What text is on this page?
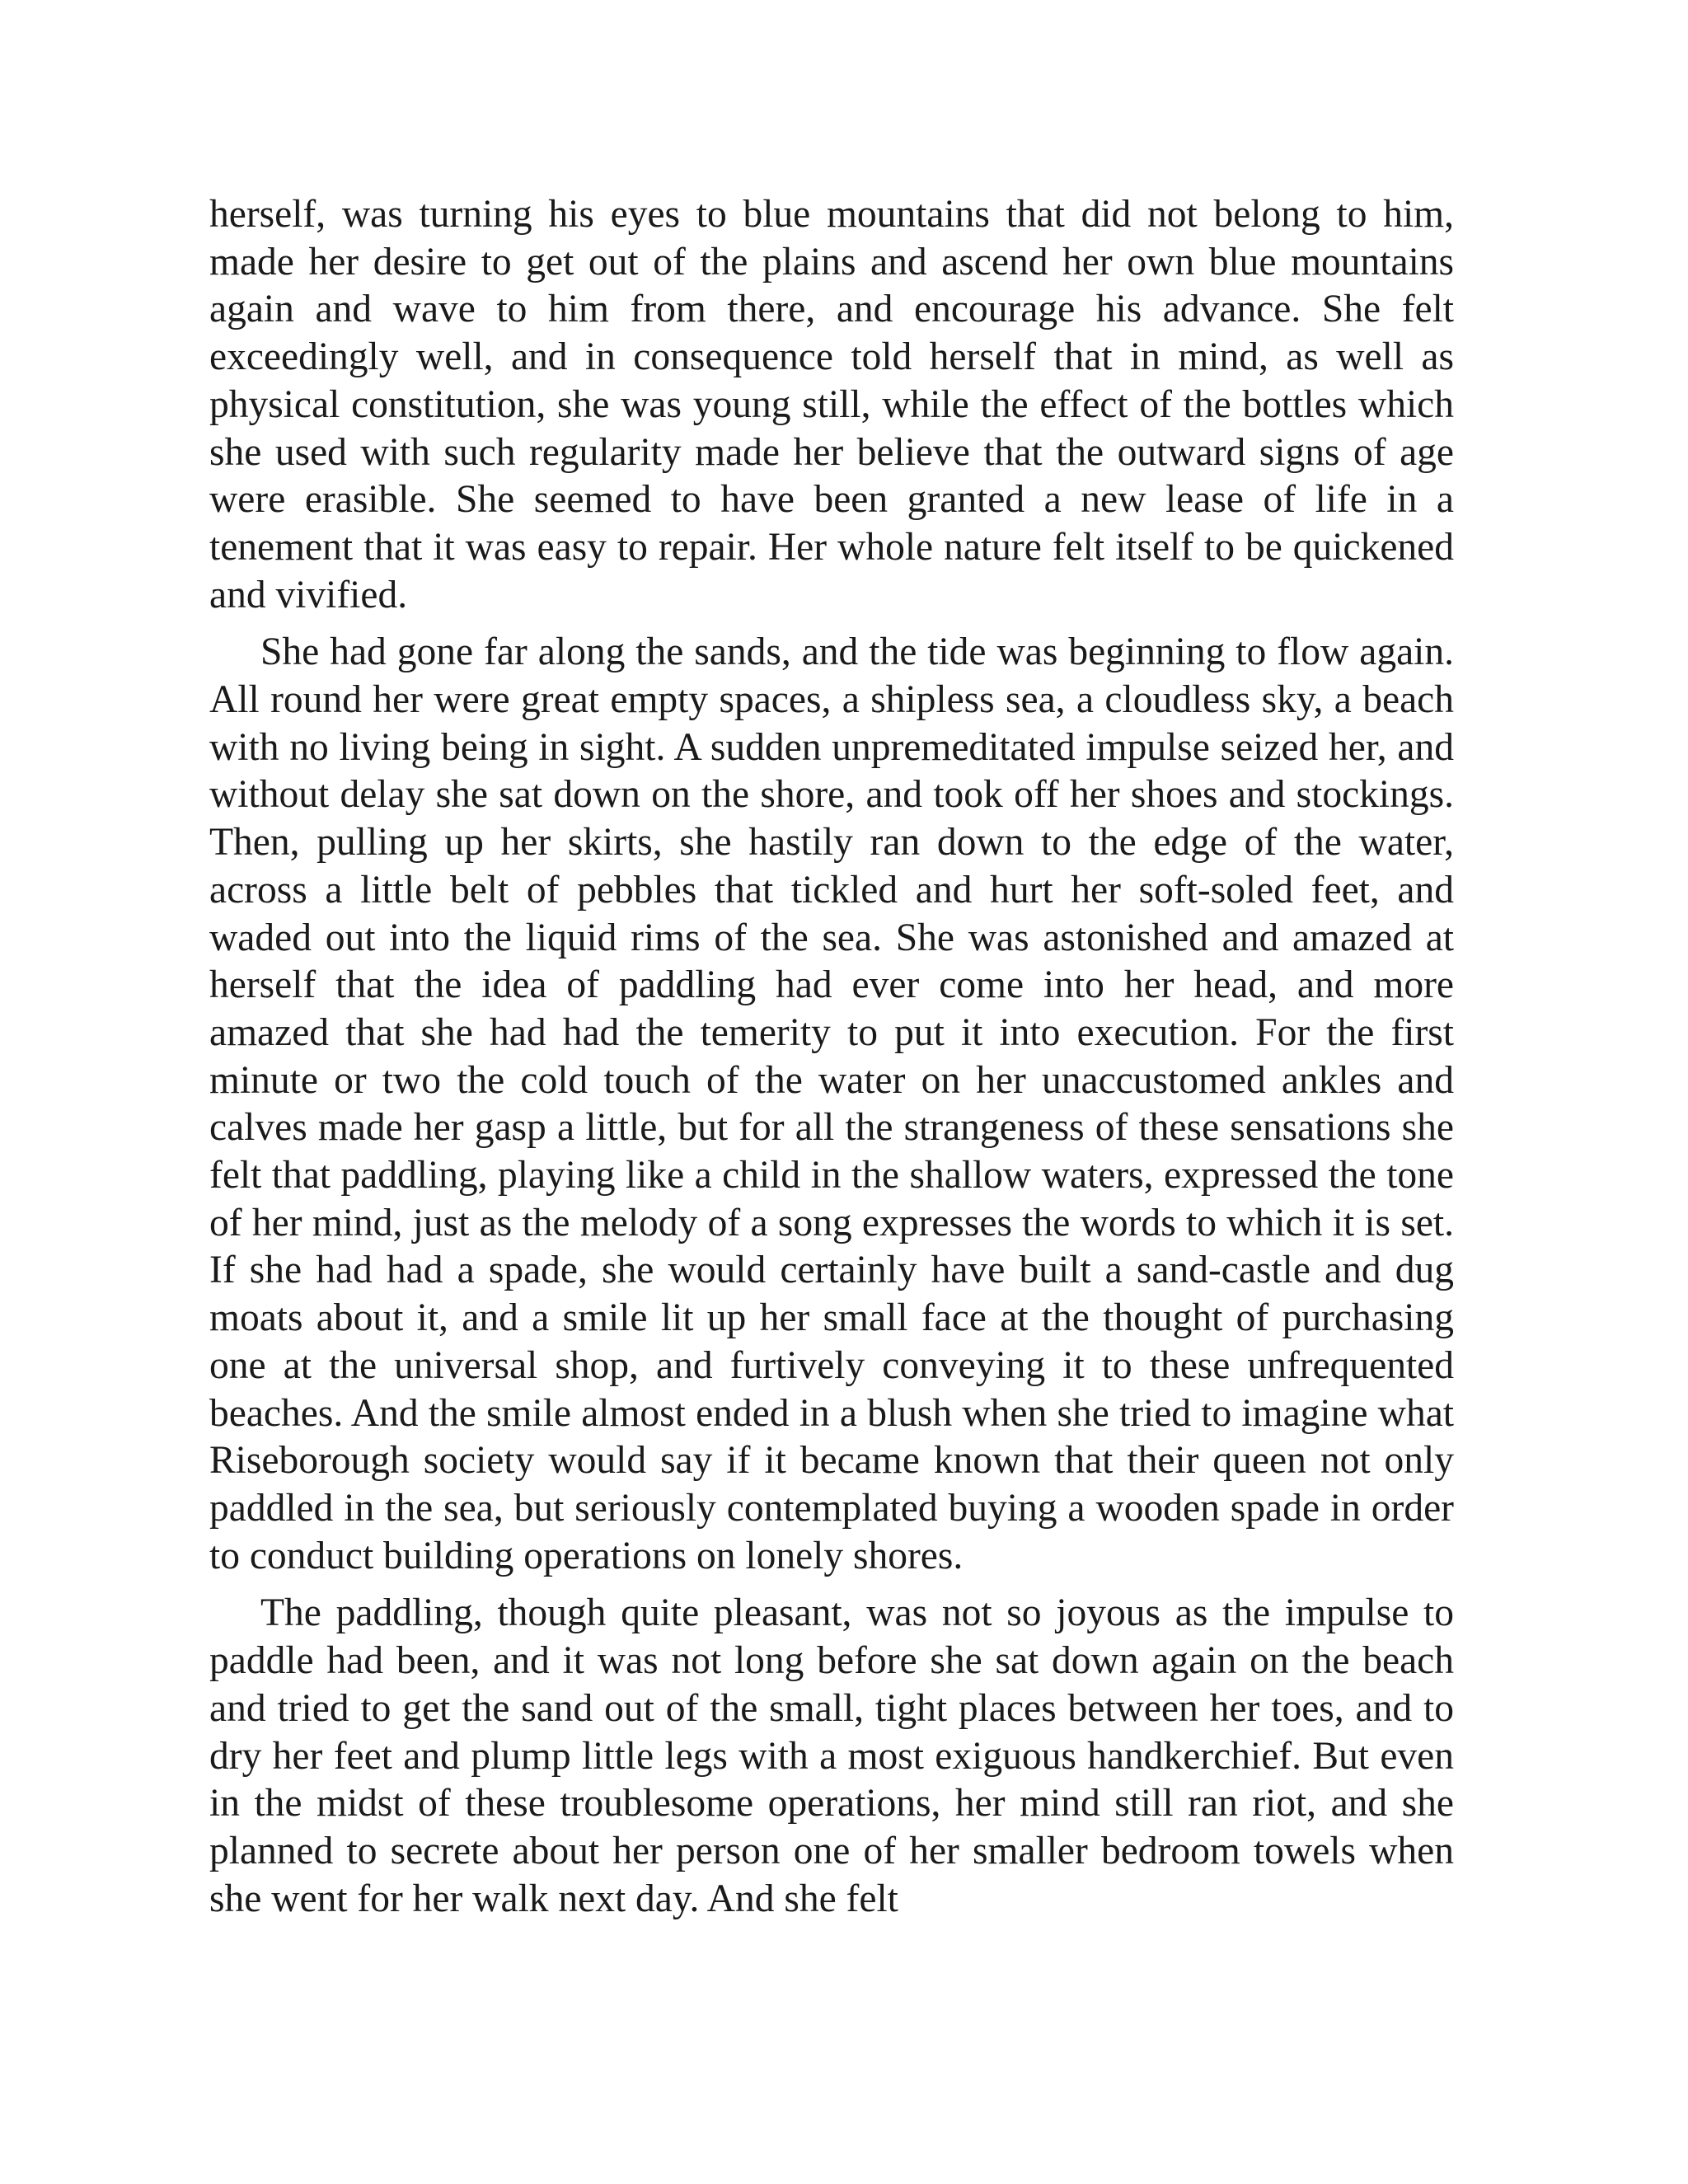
herself, was turning his eyes to blue mountains that did not belong to him, made her desire to get out of the plains and ascend her own blue mountains again and wave to him from there, and encourage his advance. She felt exceedingly well, and in consequence told herself that in mind, as well as physical constitution, she was young still, while the effect of the bottles which she used with such regularity made her believe that the outward signs of age were erasible. She seemed to have been granted a new lease of life in a tenement that it was easy to repair. Her whole nature felt itself to be quickened and vivified.

She had gone far along the sands, and the tide was beginning to flow again. All round her were great empty spaces, a shipless sea, a cloudless sky, a beach with no living being in sight. A sudden unpremeditated impulse seized her, and without delay she sat down on the shore, and took off her shoes and stockings. Then, pulling up her skirts, she hastily ran down to the edge of the water, across a little belt of pebbles that tickled and hurt her soft-soled feet, and waded out into the liquid rims of the sea. She was astonished and amazed at herself that the idea of paddling had ever come into her head, and more amazed that she had had the temerity to put it into execution. For the first minute or two the cold touch of the water on her unaccustomed ankles and calves made her gasp a little, but for all the strangeness of these sensations she felt that paddling, playing like a child in the shallow waters, expressed the tone of her mind, just as the melody of a song expresses the words to which it is set. If she had had a spade, she would certainly have built a sand-castle and dug moats about it, and a smile lit up her small face at the thought of purchasing one at the universal shop, and furtively conveying it to these unfrequented beaches. And the smile almost ended in a blush when she tried to imagine what Riseborough society would say if it became known that their queen not only paddled in the sea, but seriously contemplated buying a wooden spade in order to conduct building operations on lonely shores.

The paddling, though quite pleasant, was not so joyous as the impulse to paddle had been, and it was not long before she sat down again on the beach and tried to get the sand out of the small, tight places between her toes, and to dry her feet and plump little legs with a most exiguous handkerchief. But even in the midst of these troublesome operations, her mind still ran riot, and she planned to secrete about her person one of her smaller bedroom towels when she went for her walk next day. And she felt
